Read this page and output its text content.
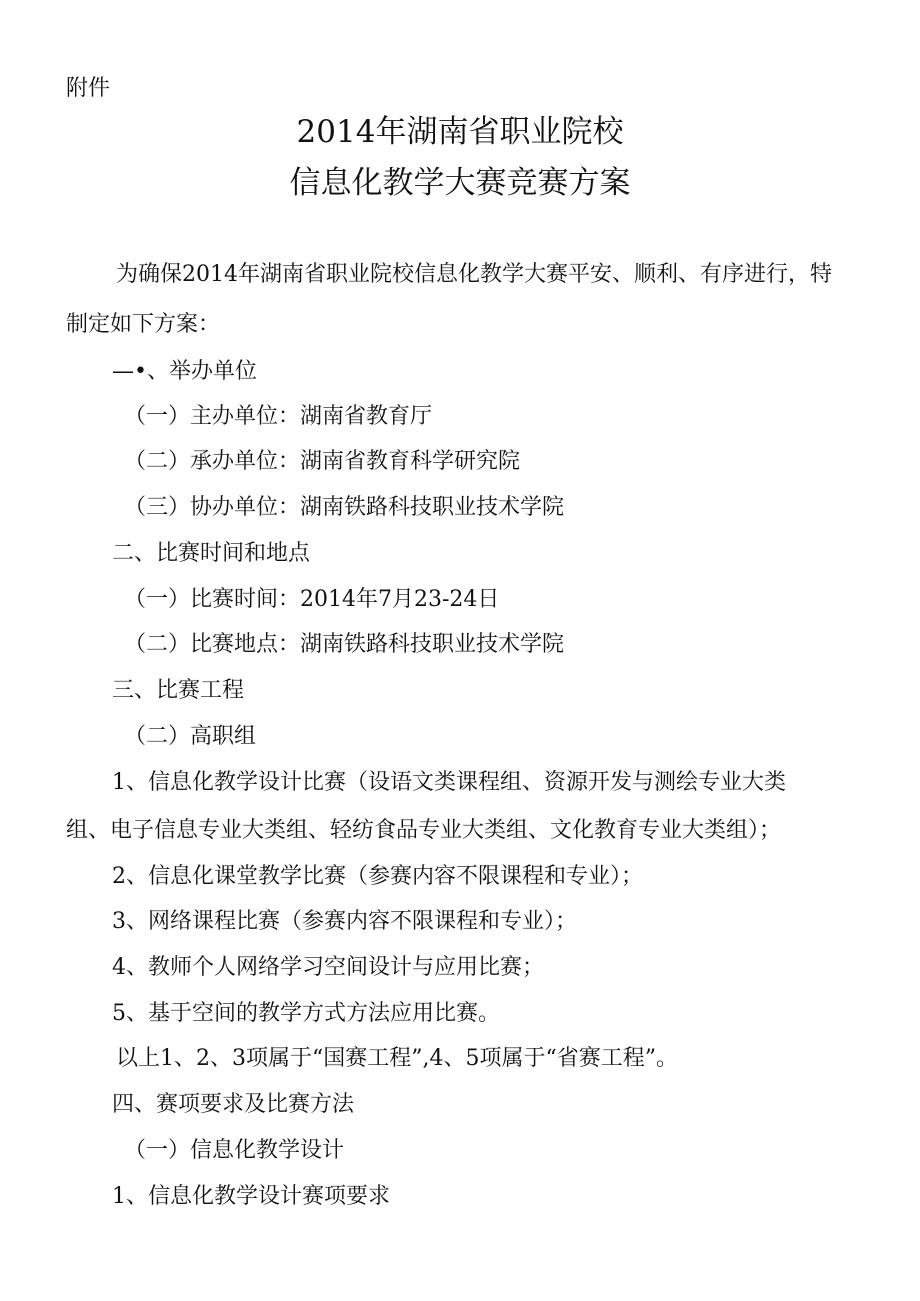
附件
2014年湖南省职业院校
信息化教学大赛竞赛方案
为确保2014年湖南省职业院校信息化教学大赛平安、顺利、有序进行，特
制定如下方案：
—•、举办单位
（一）主办单位：湖南省教育厅
（二）承办单位：湖南省教育科学研究院
（三）协办单位：湖南铁路科技职业技术学院
二、比赛时间和地点
（一）比赛时间：2014年7月23-24日
（二）比赛地点：湖南铁路科技职业技术学院
三、比赛工程
（二）高职组
1、信息化教学设计比赛（设语文类课程组、资源开发与测绘专业大类
组、电子信息专业大类组、轻纺食品专业大类组、文化教育专业大类组）；
2、信息化课堂教学比赛（参赛内容不限课程和专业）；
3、网络课程比赛（参赛内容不限课程和专业）；
4、教师个人网络学习空间设计与应用比赛；
5、基于空间的教学方式方法应用比赛。
以上1、2、3项属于“国赛工程”,4、5项属于“省赛工程”。
四、赛项要求及比赛方法
（一）信息化教学设计
1、信息化教学设计赛项要求
